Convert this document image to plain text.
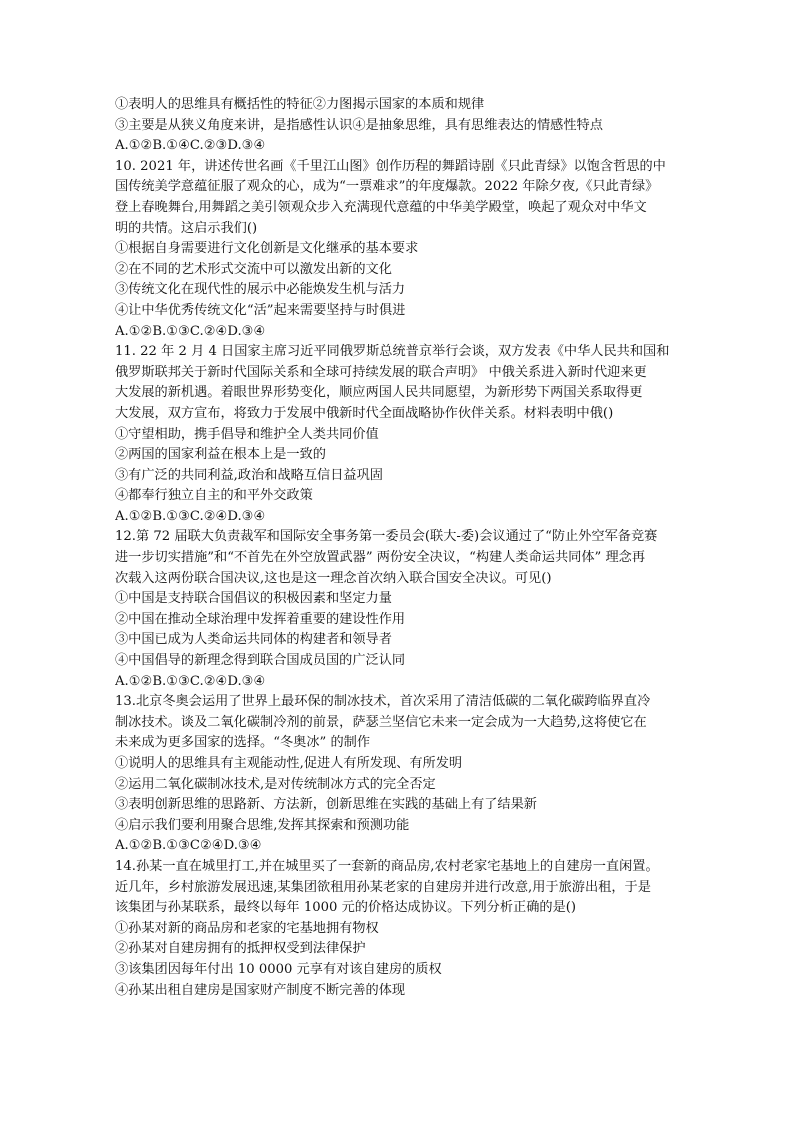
①表明人的思维具有概括性的特征②力图揭示国家的本质和规律
③主要是从狭义角度来讲，是指感性认识④是抽象思维，具有思维表达的情感性特点
A.①②B.①④C.②③D.③④
10. 2021 年，讲述传世名画《千里江山图》创作历程的舞蹈诗剧《只此青绿》以饱含哲思的中
国传统美学意蕴征服了观众的心，成为“一票难求”的年度爆款。2022 年除夕夜,《只此青绿》
登上春晚舞台,用舞蹈之美引领观众步入充满现代意蕴的中华美学殿堂，唤起了观众对中华文
明的共情。这启示我们()
①根据自身需要进行文化创新是文化继承的基本要求
②在不同的艺术形式交流中可以激发出新的文化
③传统文化在现代性的展示中必能焕发生机与活力
④让中华优秀传统文化“活”起来需要坚持与时俱进
A.①②B.①③C.②④D.③④
11. 22 年 2 月 4 日国家主席习近平同俄罗斯总统普京举行会谈，双方发表《中华人民共和国和
俄罗斯联邦关于新时代国际关系和全球可持续发展的联合声明》 中俄关系进入新时代迎来更
大发展的新机遇。着眼世界形势变化，顺应两国人民共同愿望，为新形势下两国关系取得更
大发展，双方宣布，将致力于发展中俄新时代全面战略协作伙伴关系。材料表明中俄()
①守望相助，携手倡导和维护全人类共同价值
②两国的国家利益在根本上是一致的
③有广泛的共同利益,政治和战略互信日益巩固
④都奉行独立自主的和平外交政策
A.①②B.①③C.②④D.③④
12.第 72 届联大负责裁军和国际安全事务第一委员会(联大-委)会议通过了“防止外空军备竞赛
进一步切实措施”和“不首先在外空放置武器” 两份安全决议，“构建人类命运共同体” 理念再
次载入这两份联合国决议,这也是这一理念首次纳入联合国安全决议。可见()
①中国是支持联合国倡议的积极因素和坚定力量
②中国在推动全球治理中发挥着重要的建设性作用
③中国已成为人类命运共同体的构建者和领导者
④中国倡导的新理念得到联合国成员国的广泛认同
A.①②B.①③C.②④D.③④
13.北京冬奥会运用了世界上最环保的制冰技术，首次采用了清洁低碳的二氧化碳跨临界直冷
制冰技术。谈及二氧化碳制冷剂的前景，萨瑟兰坚信它未来一定会成为一大趋势,这将使它在
未来成为更多国家的选择。“冬奥冰” 的制作
①说明人的思维具有主观能动性,促进人有所发现、有所发明
②运用二氧化碳制冰技术,是对传统制冰方式的完全否定
③表明创新思维的思路新、方法新，创新思维在实践的基础上有了结果新
④启示我们要利用聚合思维,发挥其探索和预测功能
A.①②B.①③C②④D.③④
14.孙某一直在城里打工,并在城里买了一套新的商品房,农村老家宅基地上的自建房一直闲置。
近几年，乡村旅游发展迅速,某集团欲租用孙某老家的自建房并进行改意,用于旅游出租，于是
该集团与孙某联系，最终以每年 1000 元的价格达成协议。下列分析正确的是()
①孙某对新的商品房和老家的宅基地拥有物权
②孙某对自建房拥有的抵押权受到法律保护
③该集团因每年付出 10 0000 元享有对该自建房的质权
④孙某出租自建房是国家财产制度不断完善的体现
